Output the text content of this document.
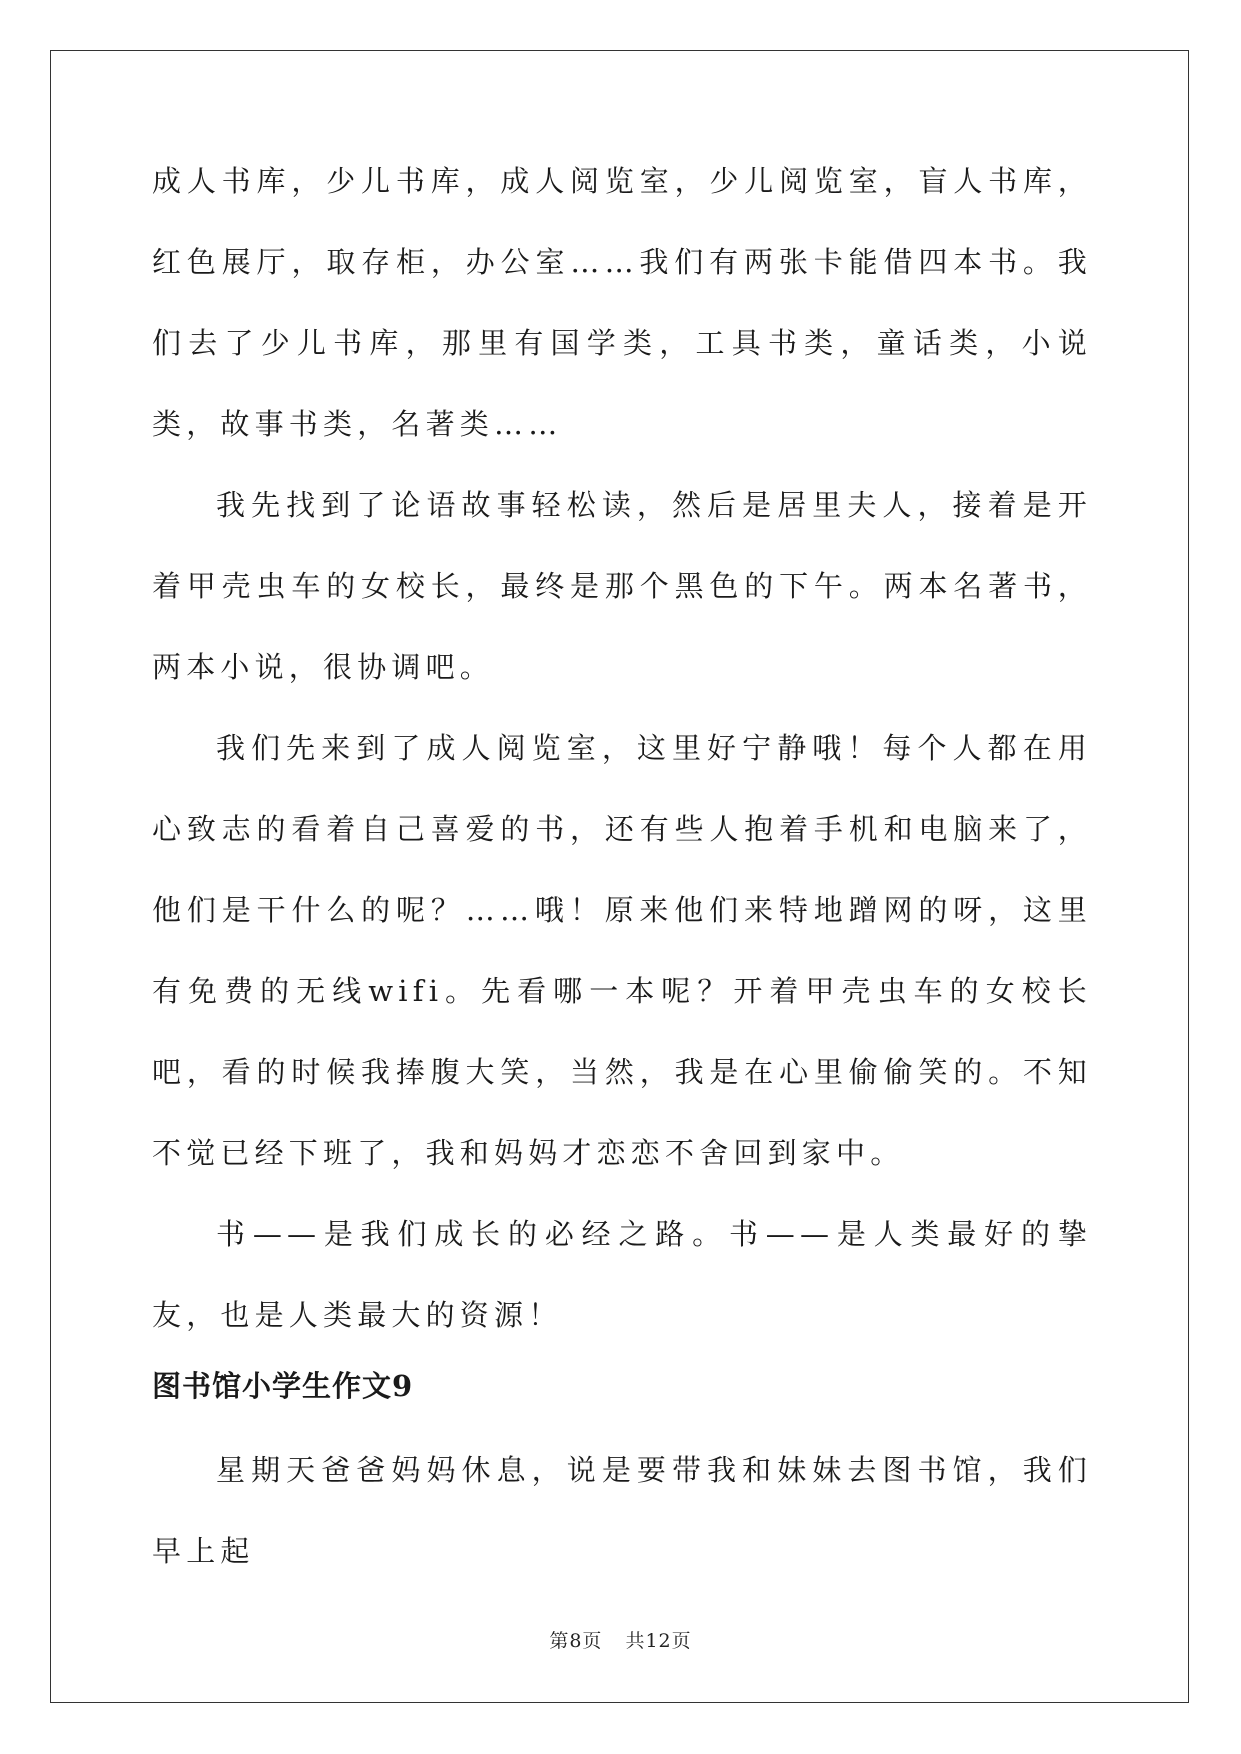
成人书库，少儿书库，成人阅览室，少儿阅览室，盲人书库，红色展厅，取存柜，办公室……我们有两张卡能借四本书。我们去了少儿书库，那里有国学类，工具书类，童话类，小说类，故事书类，名著类……

我先找到了论语故事轻松读，然后是居里夫人，接着是开着甲壳虫车的女校长，最终是那个黑色的下午。两本名著书，两本小说，很协调吧。

我们先来到了成人阅览室，这里好宁静哦！每个人都在用心致志的看着自己喜爱的书，还有些人抱着手机和电脑来了，他们是干什么的呢？……哦！原来他们来特地蹭网的呀，这里有免费的无线wifi。先看哪一本呢？开着甲壳虫车的女校长吧，看的时候我捧腹大笑，当然，我是在心里偷偷笑的。不知不觉已经下班了，我和妈妈才恋恋不舍回到家中。

书——是我们成长的必经之路。书——是人类最好的挚友，也是人类最大的资源！

图书馆小学生作文9

星期天爸爸妈妈休息，说是要带我和妹妹去图书馆，我们早上起

第8页 共12页
